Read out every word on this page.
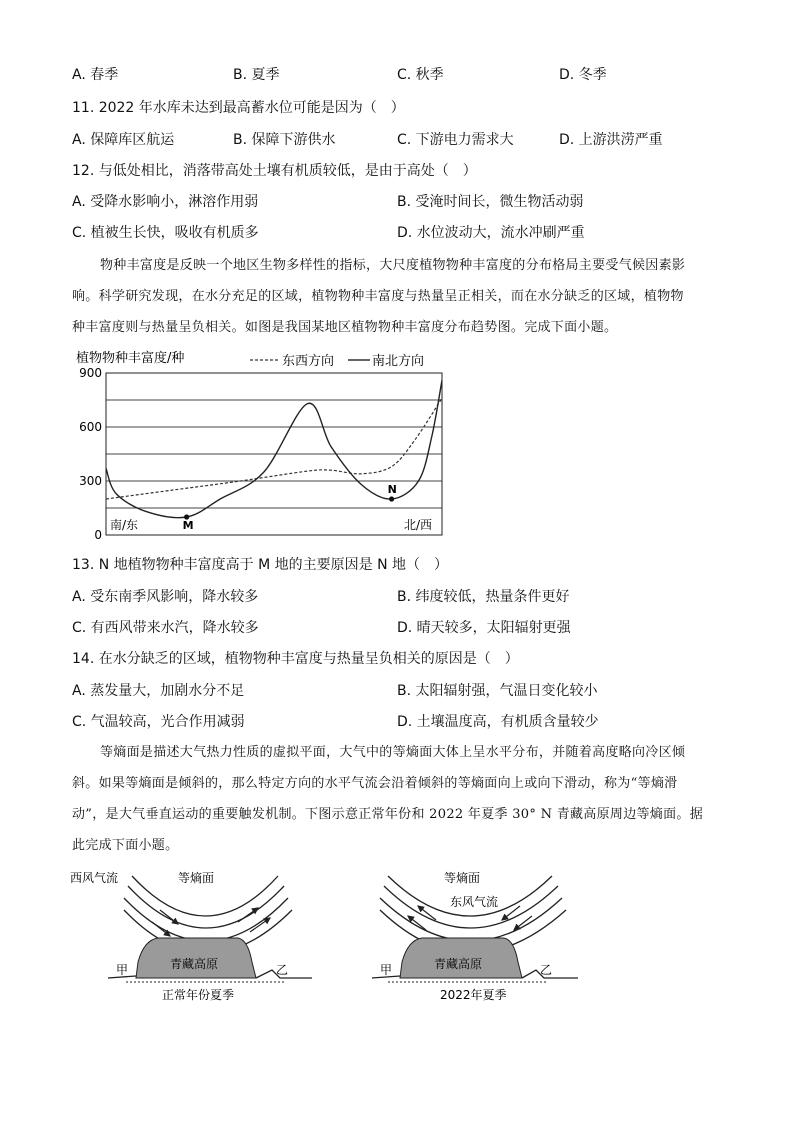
A. 春季	B. 夏季	C. 秋季	D. 冬季
11. 2022 年水库未达到最高蓄水位可能是因为（　）
A. 保障库区航运	B. 保障下游供水	C. 下游电力需求大	D. 上游洪涝严重
12. 与低处相比，消落带高处土壤有机质较低，是由于高处（　）
A. 受降水影响小，淋溶作用弱	B. 受淹时间长，微生物活动弱
C. 植被生长快，吸收有机质多	D. 水位波动大，流水冲刷严重

物种丰富度是反映一个地区生物多样性的指标，大尺度植物物种丰富度的分布格局主要受气候因素影

响。科学研究发现，在水分充足的区域，植物物种丰富度与热量呈正相关，而在水分缺乏的区域，植物物

种丰富度则与热量呈负相关。如图是我国某地区植物物种丰富度分布趋势图。完成下面小题。

植物物种丰富度/种	东西方向	南北方向
900
600
300
0
M
N
南/东	北/西
13. N 地植物物种丰富度高于 M 地的主要原因是 N 地（　）
A. 受东南季风影响，降水较多	B. 纬度较低，热量条件更好
C. 有西风带来水汽，降水较多	D. 晴天较多，太阳辐射更强
14. 在水分缺乏的区域，植物物种丰富度与热量呈负相关的原因是（　）
A. 蒸发量大，加剧水分不足	B. 太阳辐射强，气温日变化较小
C. 气温较高，光合作用减弱	D. 土壤温度高，有机质含量较少

等熵面是描述大气热力性质的虚拟平面，大气中的等熵面大体上呈水平分布，并随着高度略向冷区倾

斜。如果等熵面是倾斜的，那么特定方向的水平气流会沿着倾斜的等熵面向上或向下滑动，称为“等熵滑

动”，是大气垂直运动的重要触发机制。下图示意正常年份和 2022 年夏季 30° N 青藏高原周边等熵面。据

此完成下面小题。

西风气流	等熵面
青藏高原
甲	乙
正常年份夏季
等熵面
东风气流
青藏高原
甲	乙
2022年夏季
